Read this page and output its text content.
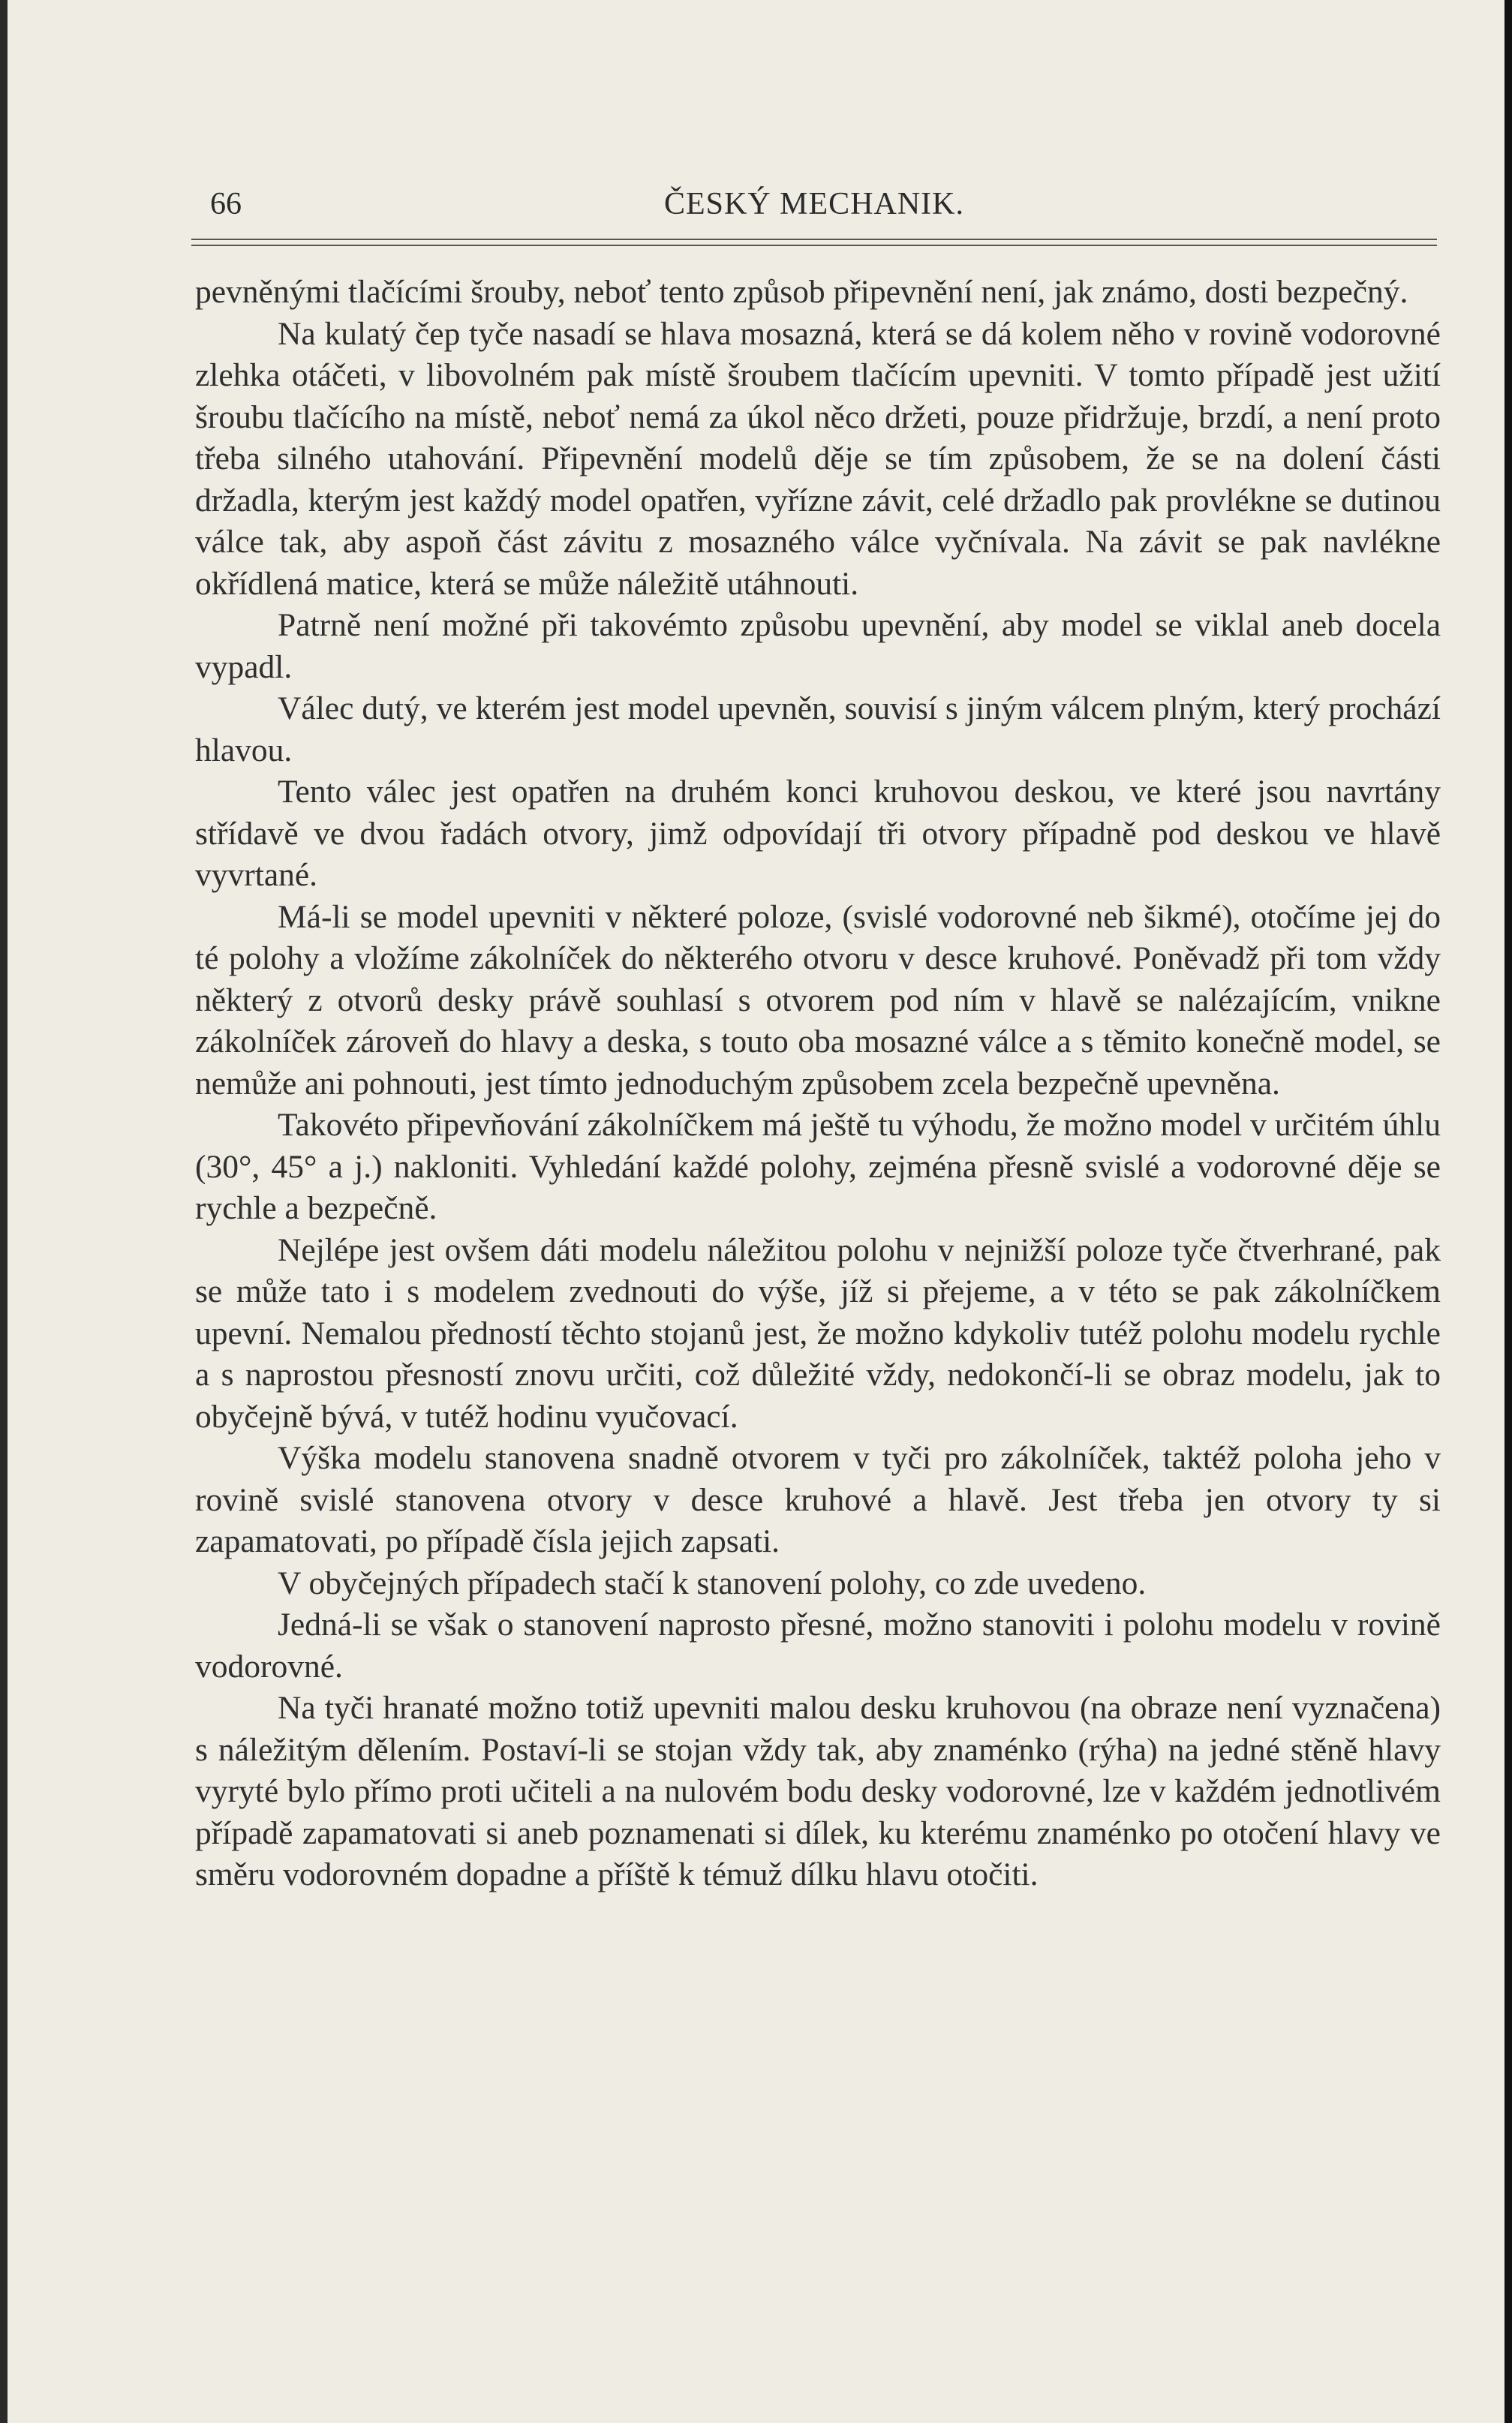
66	ČESKÝ MECHANIK.

pevněnými tlačícími šrouby, neboť tento způsob připevnění není, jak známo, dosti bezpečný.

Na kulatý čep tyče nasadí se hlava mosazná, která se dá kolem něho v rovině vodorovné zlehka otáčeti, v libovolném pak místě šroubem tlačícím upevniti. V tomto případě jest užití šroubu tlačícího na místě, neboť nemá za úkol něco držeti, pouze přidržuje, brzdí, a není proto třeba silného utahování. Připevnění modelů děje se tím způsobem, že se na dolení části držadla, kterým jest každý model opatřen, vyřízne závit, celé držadlo pak provlékne se dutinou válce tak, aby aspoň část závitu z mosazného válce vyčnívala. Na závit se pak navlékne okřídlená matice, která se může náležitě utáhnouti.

Patrně není možné při takovémto způsobu upevnění, aby model se viklal aneb docela vypadl.

Válec dutý, ve kterém jest model upevněn, souvisí s jiným válcem plným, který prochází hlavou.

Tento válec jest opatřen na druhém konci kruhovou deskou, ve které jsou navrtány střídavě ve dvou řadách otvory, jimž odpovídají tři otvory případně pod deskou ve hlavě vyvrtané.

Má-li se model upevniti v některé poloze, (svislé vodorovné neb šikmé), otočíme jej do té polohy a vložíme zákolníček do některého otvoru v desce kruhové. Poněvadž při tom vždy některý z otvorů desky právě souhlasí s otvorem pod ním v hlavě se nalézajícím, vnikne zákolníček zároveň do hlavy a deska, s touto oba mosazné válce a s těmito konečně model, se nemůže ani pohnouti, jest tímto jednoduchým způsobem zcela bezpečně upevněna.

Takovéto připevňování zákolníčkem má ještě tu výhodu, že možno model v určitém úhlu (30°, 45° a j.) nakloniti. Vyhledání každé polohy, zejména přesně svislé a vodorovné děje se rychle a bezpečně.

Nejlépe jest ovšem dáti modelu náležitou polohu v nejnižší poloze tyče čtverhrané, pak se může tato i s modelem zvednouti do výše, jíž si přejeme, a v této se pak zákolníčkem upevní. Nemalou předností těchto stojanů jest, že možno kdykoliv tutéž polohu modelu rychle a s naprostou přesností znovu určiti, což důležité vždy, nedokončí-li se obraz modelu, jak to obyčejně bývá, v tutéž hodinu vyučovací.

Výška modelu stanovena snadně otvorem v tyči pro zákolníček, taktéž poloha jeho v rovině svislé stanovena otvory v desce kruhové a hlavě. Jest třeba jen otvory ty si zapamatovati, po případě čísla jejich zapsati.

V obyčejných případech stačí k stanovení polohy, co zde uvedeno.

Jedná-li se však o stanovení naprosto přesné, možno stanoviti i polohu modelu v rovině vodorovné.

Na tyči hranaté možno totiž upevniti malou desku kruhovou (na obraze není vyznačena) s náležitým dělením. Postaví-li se stojan vždy tak, aby znaménko (rýha) na jedné stěně hlavy vyryté bylo přímo proti učiteli a na nulovém bodu desky vodorovné, lze v každém jednotlivém případě zapamatovati si aneb poznamenati si dílek, ku kterému znaménko po otočení hlavy ve směru vodorovném dopadne a příště k témuž dílku hlavu otočiti.
